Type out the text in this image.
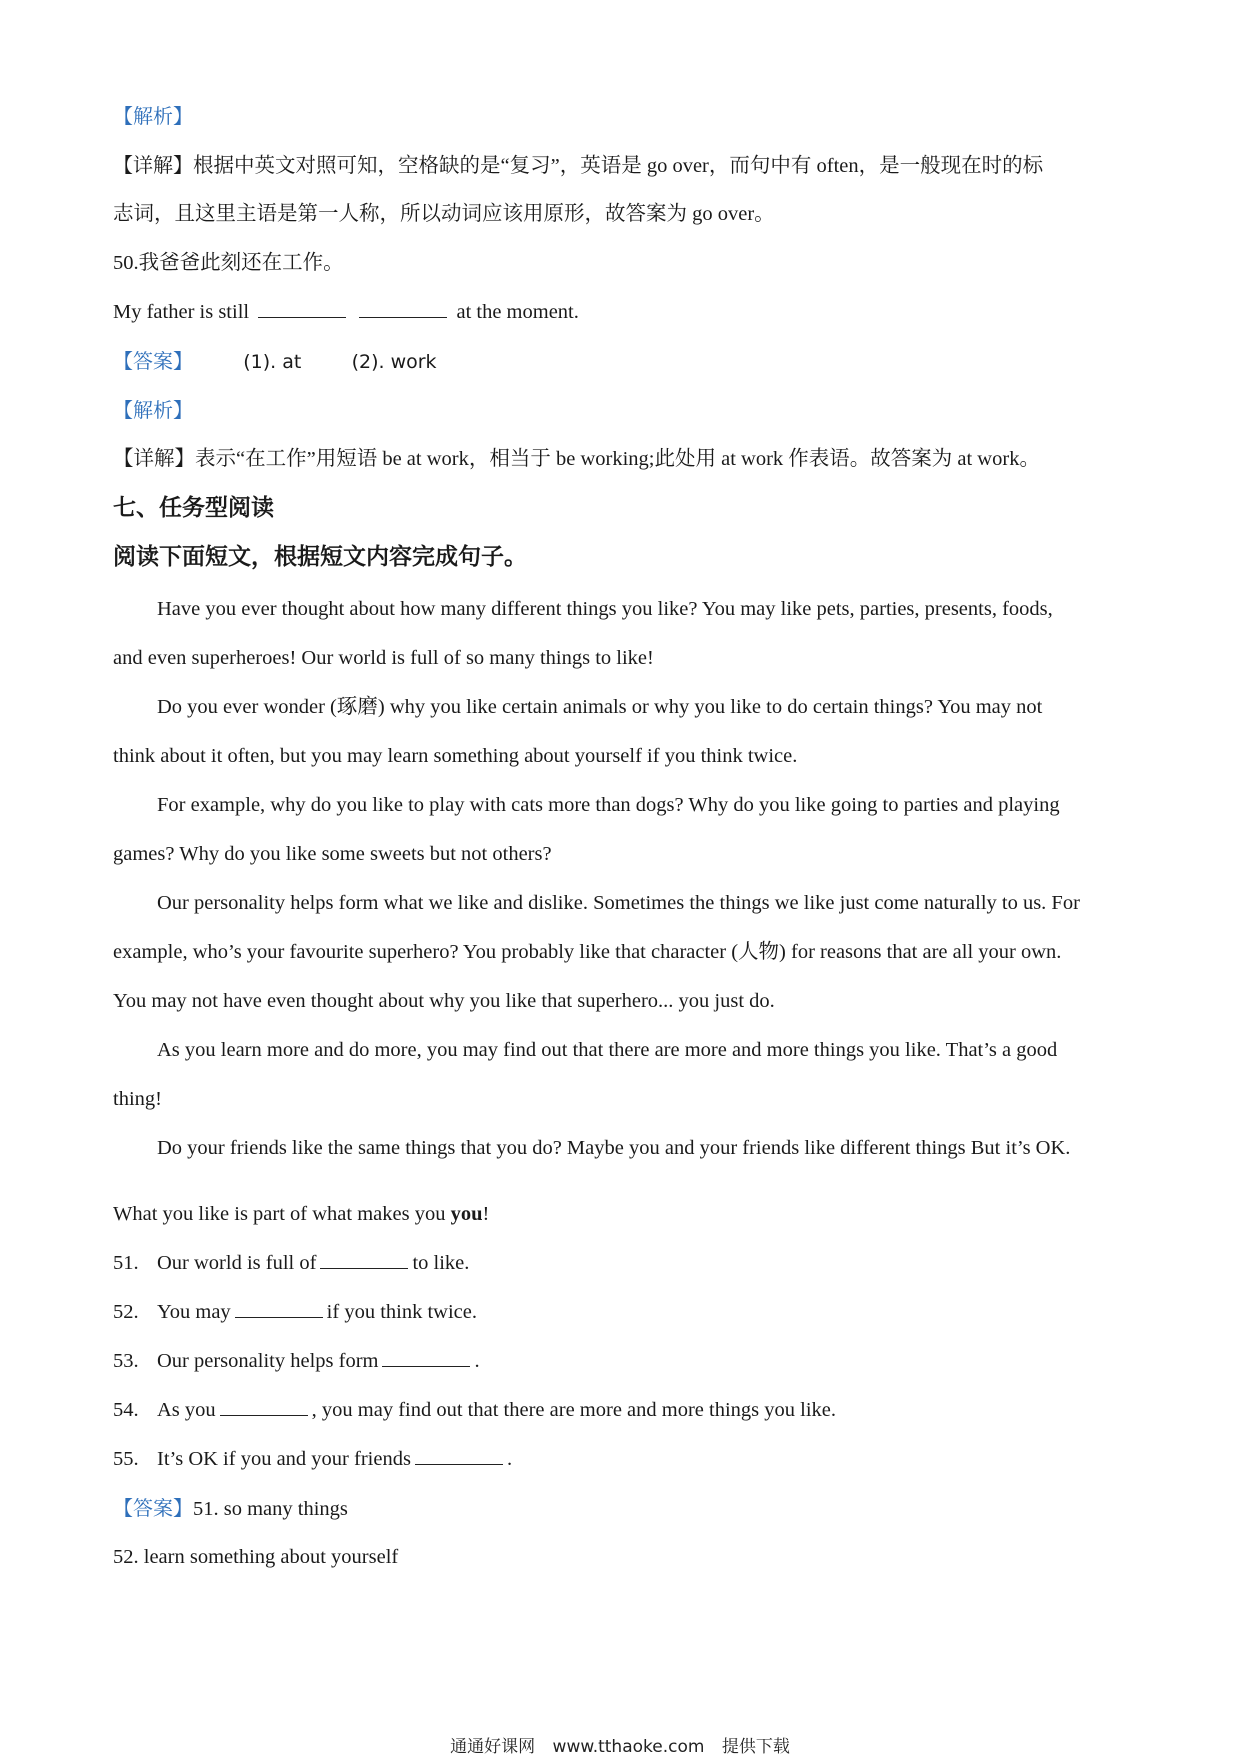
【解析】
【详解】根据中英文对照可知，空格缺的是“复习”，英语是 go over，而句中有 often，是一般现在时的标
志词，且这里主语是第一人称，所以动词应该用原形，故答案为 go over。
50.我爸爸此刻还在工作。
My father is still	at the moment.
【答案】	(1). at	(2). work
【解析】
【详解】表示“在工作”用短语 be at work，相当于 be working;此处用 at work 作表语。故答案为 at work。
七、任务型阅读
阅读下面短文，根据短文内容完成句子。
Have you ever thought about how many different things you like? You may like pets, parties, presents, foods,
and even superheroes! Our world is full of so many things to like!
Do you ever wonder (琢磨) why you like certain animals or why you like to do certain things? You may not
think about it often, but you may learn something about yourself if you think twice.
For example, why do you like to play with cats more than dogs? Why do you like going to parties and playing
games? Why do you like some sweets but not others?
Our personality helps form what we like and dislike. Sometimes the things we like just come naturally to us. For
example, who’s your favourite superhero? You probably like that character (人物) for reasons that are all your own.
You may not have even thought about why you like that superhero... you just do.
As you learn more and do more, you may find out that there are more and more things you like. That’s a good
thing!
Do your friends like the same things that you do? Maybe you and your friends like different things But it’s OK.
What you like is part of what makes you you!
51. Our world is full of	to like.
52. You may	if you think twice.
53. Our personality helps form	.
54. As you	, you may find out that there are more and more things you like.
55. It’s OK if you and your friends	.
【答案】51. so many things
52. learn something about yourself
通通好课网 www.tthaoke.com 提供下载
